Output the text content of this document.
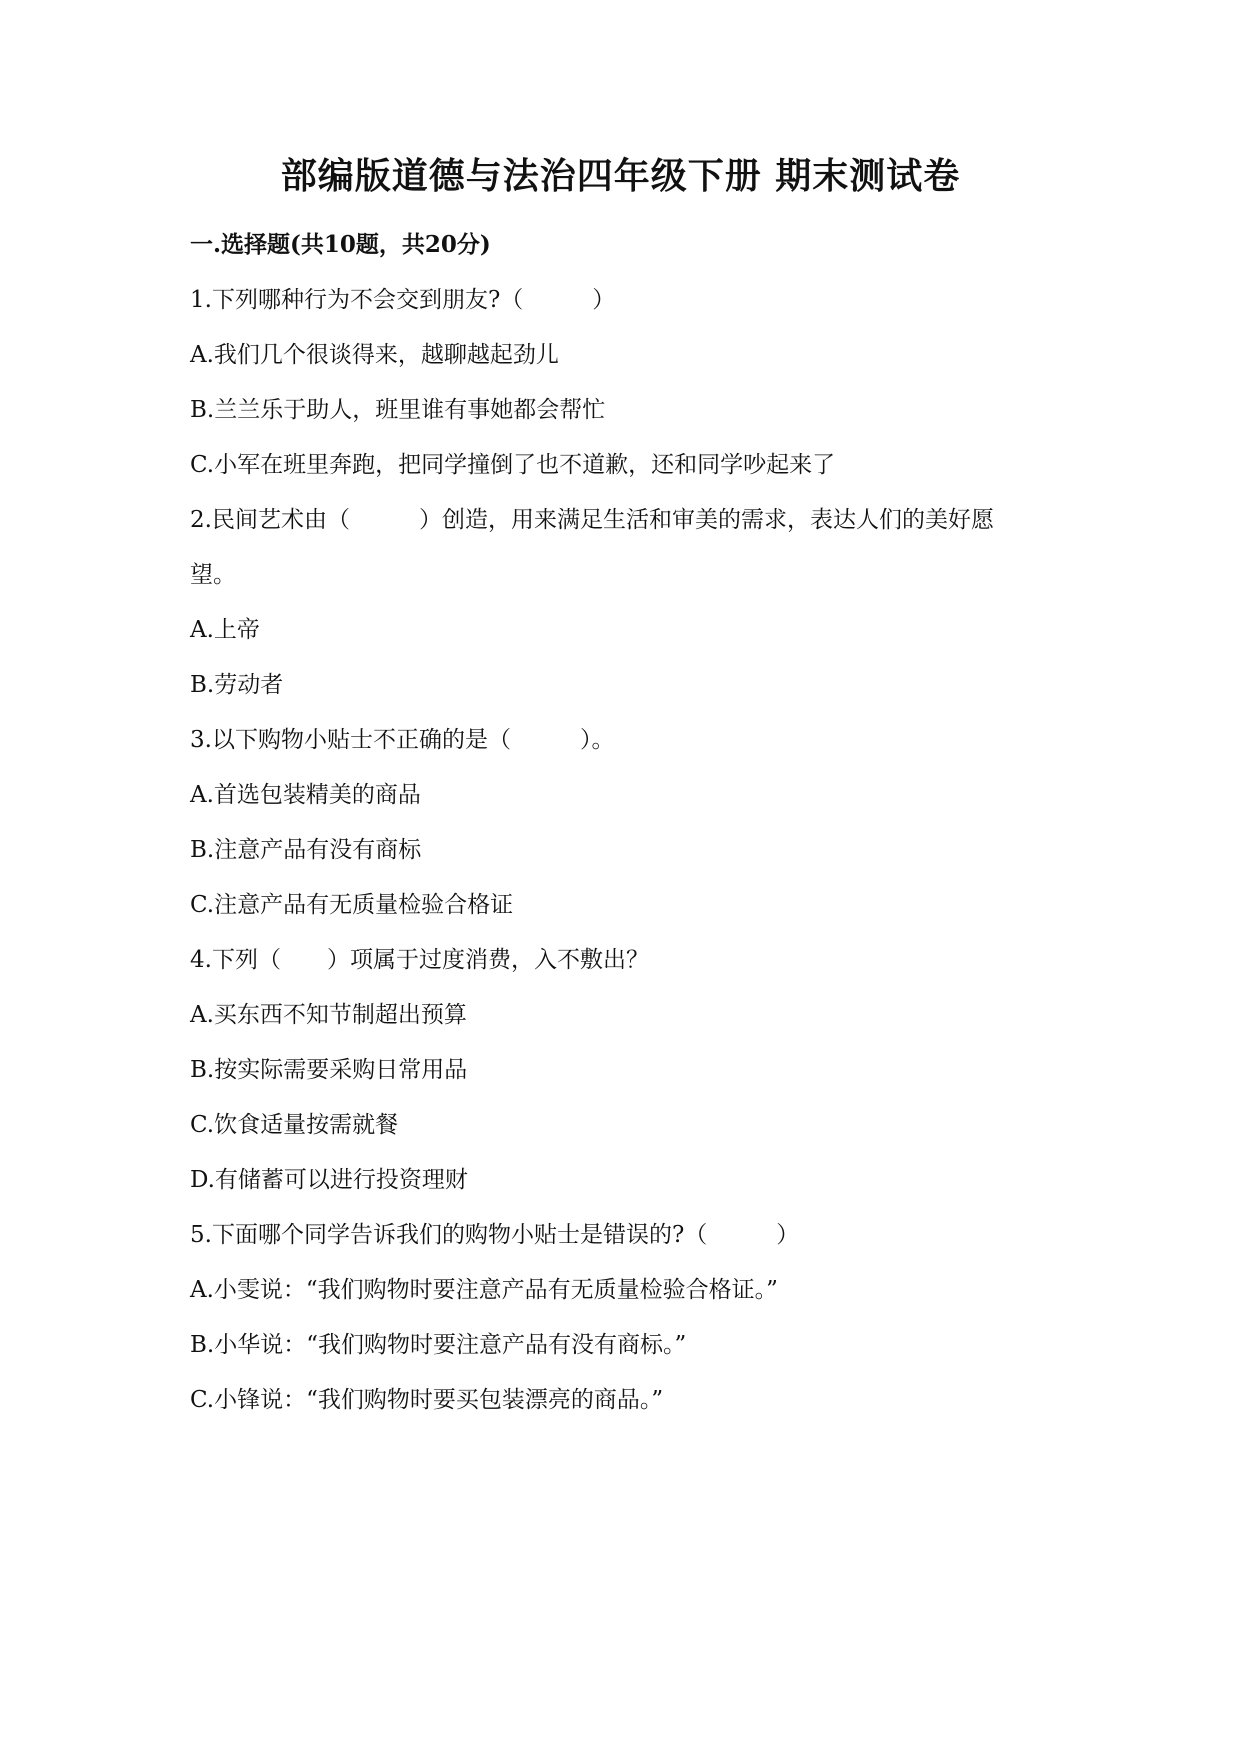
部编版道德与法治四年级下册 期末测试卷
一.选择题(共10题，共20分)
1.下列哪种行为不会交到朋友?（　　　）
A.我们几个很谈得来，越聊越起劲儿
B.兰兰乐于助人，班里谁有事她都会帮忙
C.小军在班里奔跑，把同学撞倒了也不道歉，还和同学吵起来了
2.民间艺术由（　　　）创造，用来满足生活和审美的需求，表达人们的美好愿
望。
A.上帝
B.劳动者
3.以下购物小贴士不正确的是（　　　）。
A.首选包装精美的商品
B.注意产品有没有商标
C.注意产品有无质量检验合格证
4.下列（　　）项属于过度消费，入不敷出？
A.买东西不知节制超出预算
B.按实际需要采购日常用品
C.饮食适量按需就餐
D.有储蓄可以进行投资理财
5.下面哪个同学告诉我们的购物小贴士是错误的?（　　　）
A.小雯说：“我们购物时要注意产品有无质量检验合格证。”
B.小华说：“我们购物时要注意产品有没有商标。”
C.小锋说：“我们购物时要买包装漂亮的商品。”
